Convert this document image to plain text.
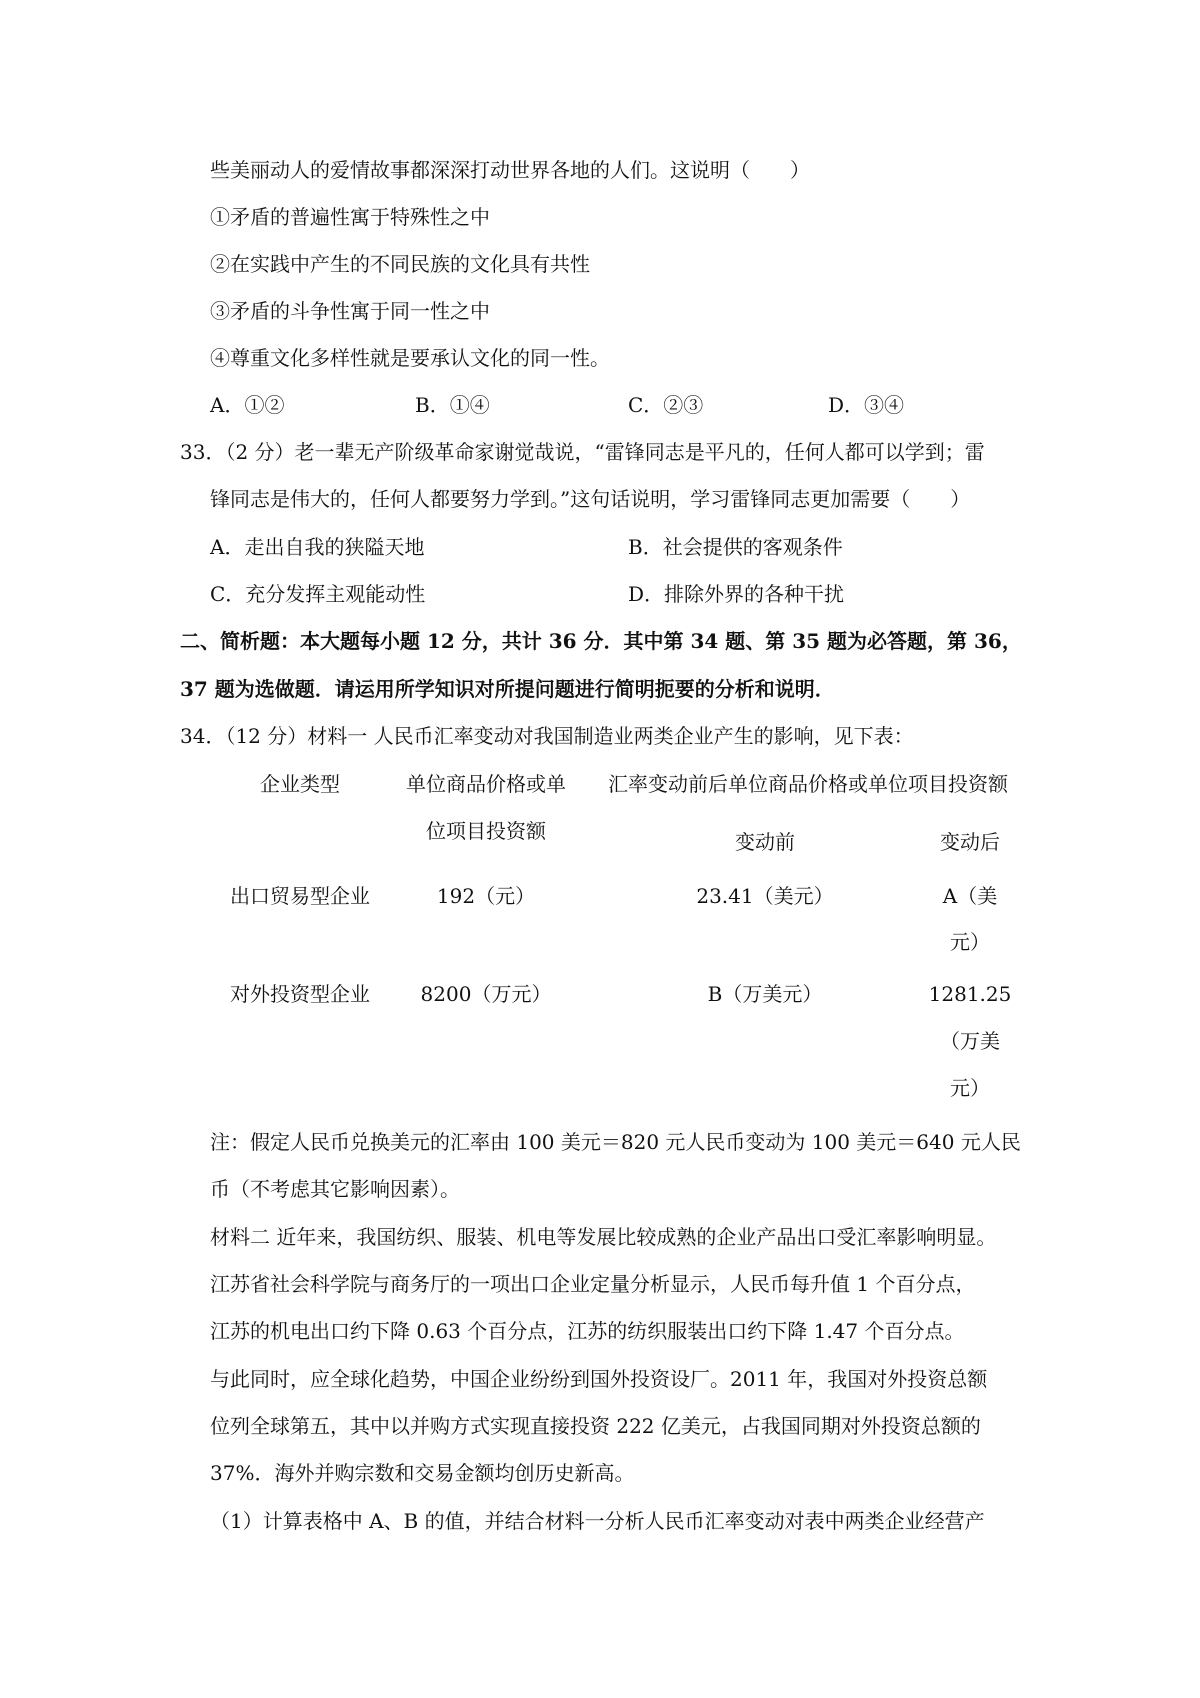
些美丽动人的爱情故事都深深打动世界各地的人们。这说明（　　）
①矛盾的普遍性寓于特殊性之中
②在实践中产生的不同民族的文化具有共性
③矛盾的斗争性寓于同一性之中
④尊重文化多样性就是要承认文化的同一性。
A．①②	B．①④	C．②③	D．③④
33．（2 分）老一辈无产阶级革命家谢觉哉说，“雷锋同志是平凡的，任何人都可以学到；雷
锋同志是伟大的，任何人都要努力学到。”这句话说明，学习雷锋同志更加需要（　　）
A．走出自我的狭隘天地	B．社会提供的客观条件
C．充分发挥主观能动性	D．排除外界的各种干扰
二、简析题：本大题每小题 12 分，共计 36 分．其中第 34 题、第 35 题为必答题，第 36，
37 题为选做题．请运用所学知识对所提问题进行简明扼要的分析和说明．
34．（12 分）材料一 人民币汇率变动对我国制造业两类企业产生的影响，见下表：
企业类型	单位商品价格或单
位项目投资额
汇率变动前后单位商品价格或单位项目投资额
变动前	变动后
出口贸易型企业	192（元）	23.41（美元）	A（美
元）
对外投资型企业	8200（万元）	B（万美元）	1281.25
（万美
元）
注：假定人民币兑换美元的汇率由 100 美元＝820 元人民币变动为 100 美元＝640 元人民
币（不考虑其它影响因素）。
材料二 近年来，我国纺织、服装、机电等发展比较成熟的企业产品出口受汇率影响明显。
江苏省社会科学院与商务厅的一项出口企业定量分析显示，人民币每升值 1 个百分点，
江苏的机电出口约下降 0.63 个百分点，江苏的纺织服装出口约下降 1.47 个百分点。
与此同时，应全球化趋势，中国企业纷纷到国外投资设厂。2011 年，我国对外投资总额
位列全球第五，其中以并购方式实现直接投资 222 亿美元，占我国同期对外投资总额的
37%．海外并购宗数和交易金额均创历史新高。
（1）计算表格中 A、B 的值，并结合材料一分析人民币汇率变动对表中两类企业经营产
